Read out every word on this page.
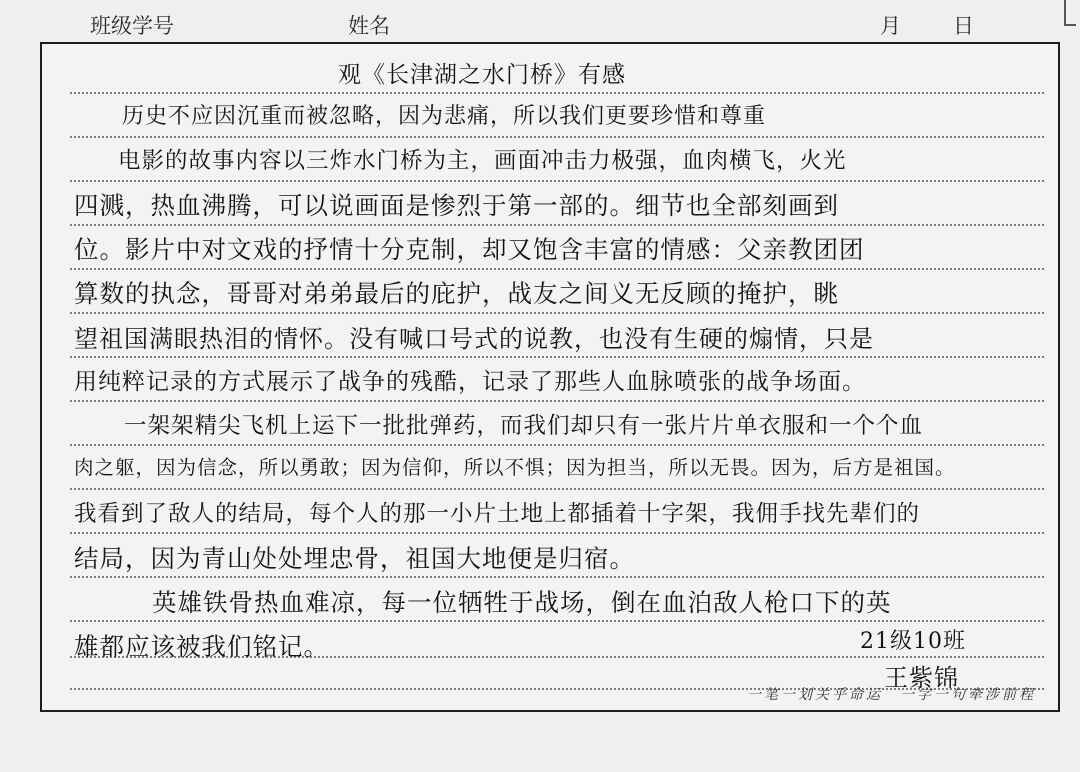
班级学号	姓名	月 日
观《长津湖之水门桥》有感
历史不应因沉重而被忽略，因为悲痛，所以我们更要珍惜和尊重
电影的故事内容以三炸水门桥为主，画面冲击力极强，血肉横飞，火光
四溅，热血沸腾，可以说画面是惨烈于第一部的。细节也全部刻画到
位。影片中对文戏的抒情十分克制，却又饱含丰富的情感：父亲教团团
算数的执念，哥哥对弟弟最后的庇护，战友之间义无反顾的掩护，眺
望祖国满眼热泪的情怀。没有喊口号式的说教，也没有生硬的煽情，只是
用纯粹记录的方式展示了战争的残酷，记录了那些人血脉喷张的战争场面。
一架架精尖飞机上运下一批批弹药，而我们却只有一张片片单衣服和一个个血
肉之躯，因为信念，所以勇敢；因为信仰，所以不惧；因为担当，所以无畏。因为，后方是祖国。
我看到了敌人的结局，每个人的那一小片土地上都插着十字架，我佣手找先辈们的
结局，因为青山处处埋忠骨，祖国大地便是归宿。
英雄铁骨热血难凉，每一位牺牲于战场，倒在血泊敌人枪口下的英
雄都应该被我们铭记。	21级10班
王紫锦
一笔一划关乎命运　一字一句牵涉前程
